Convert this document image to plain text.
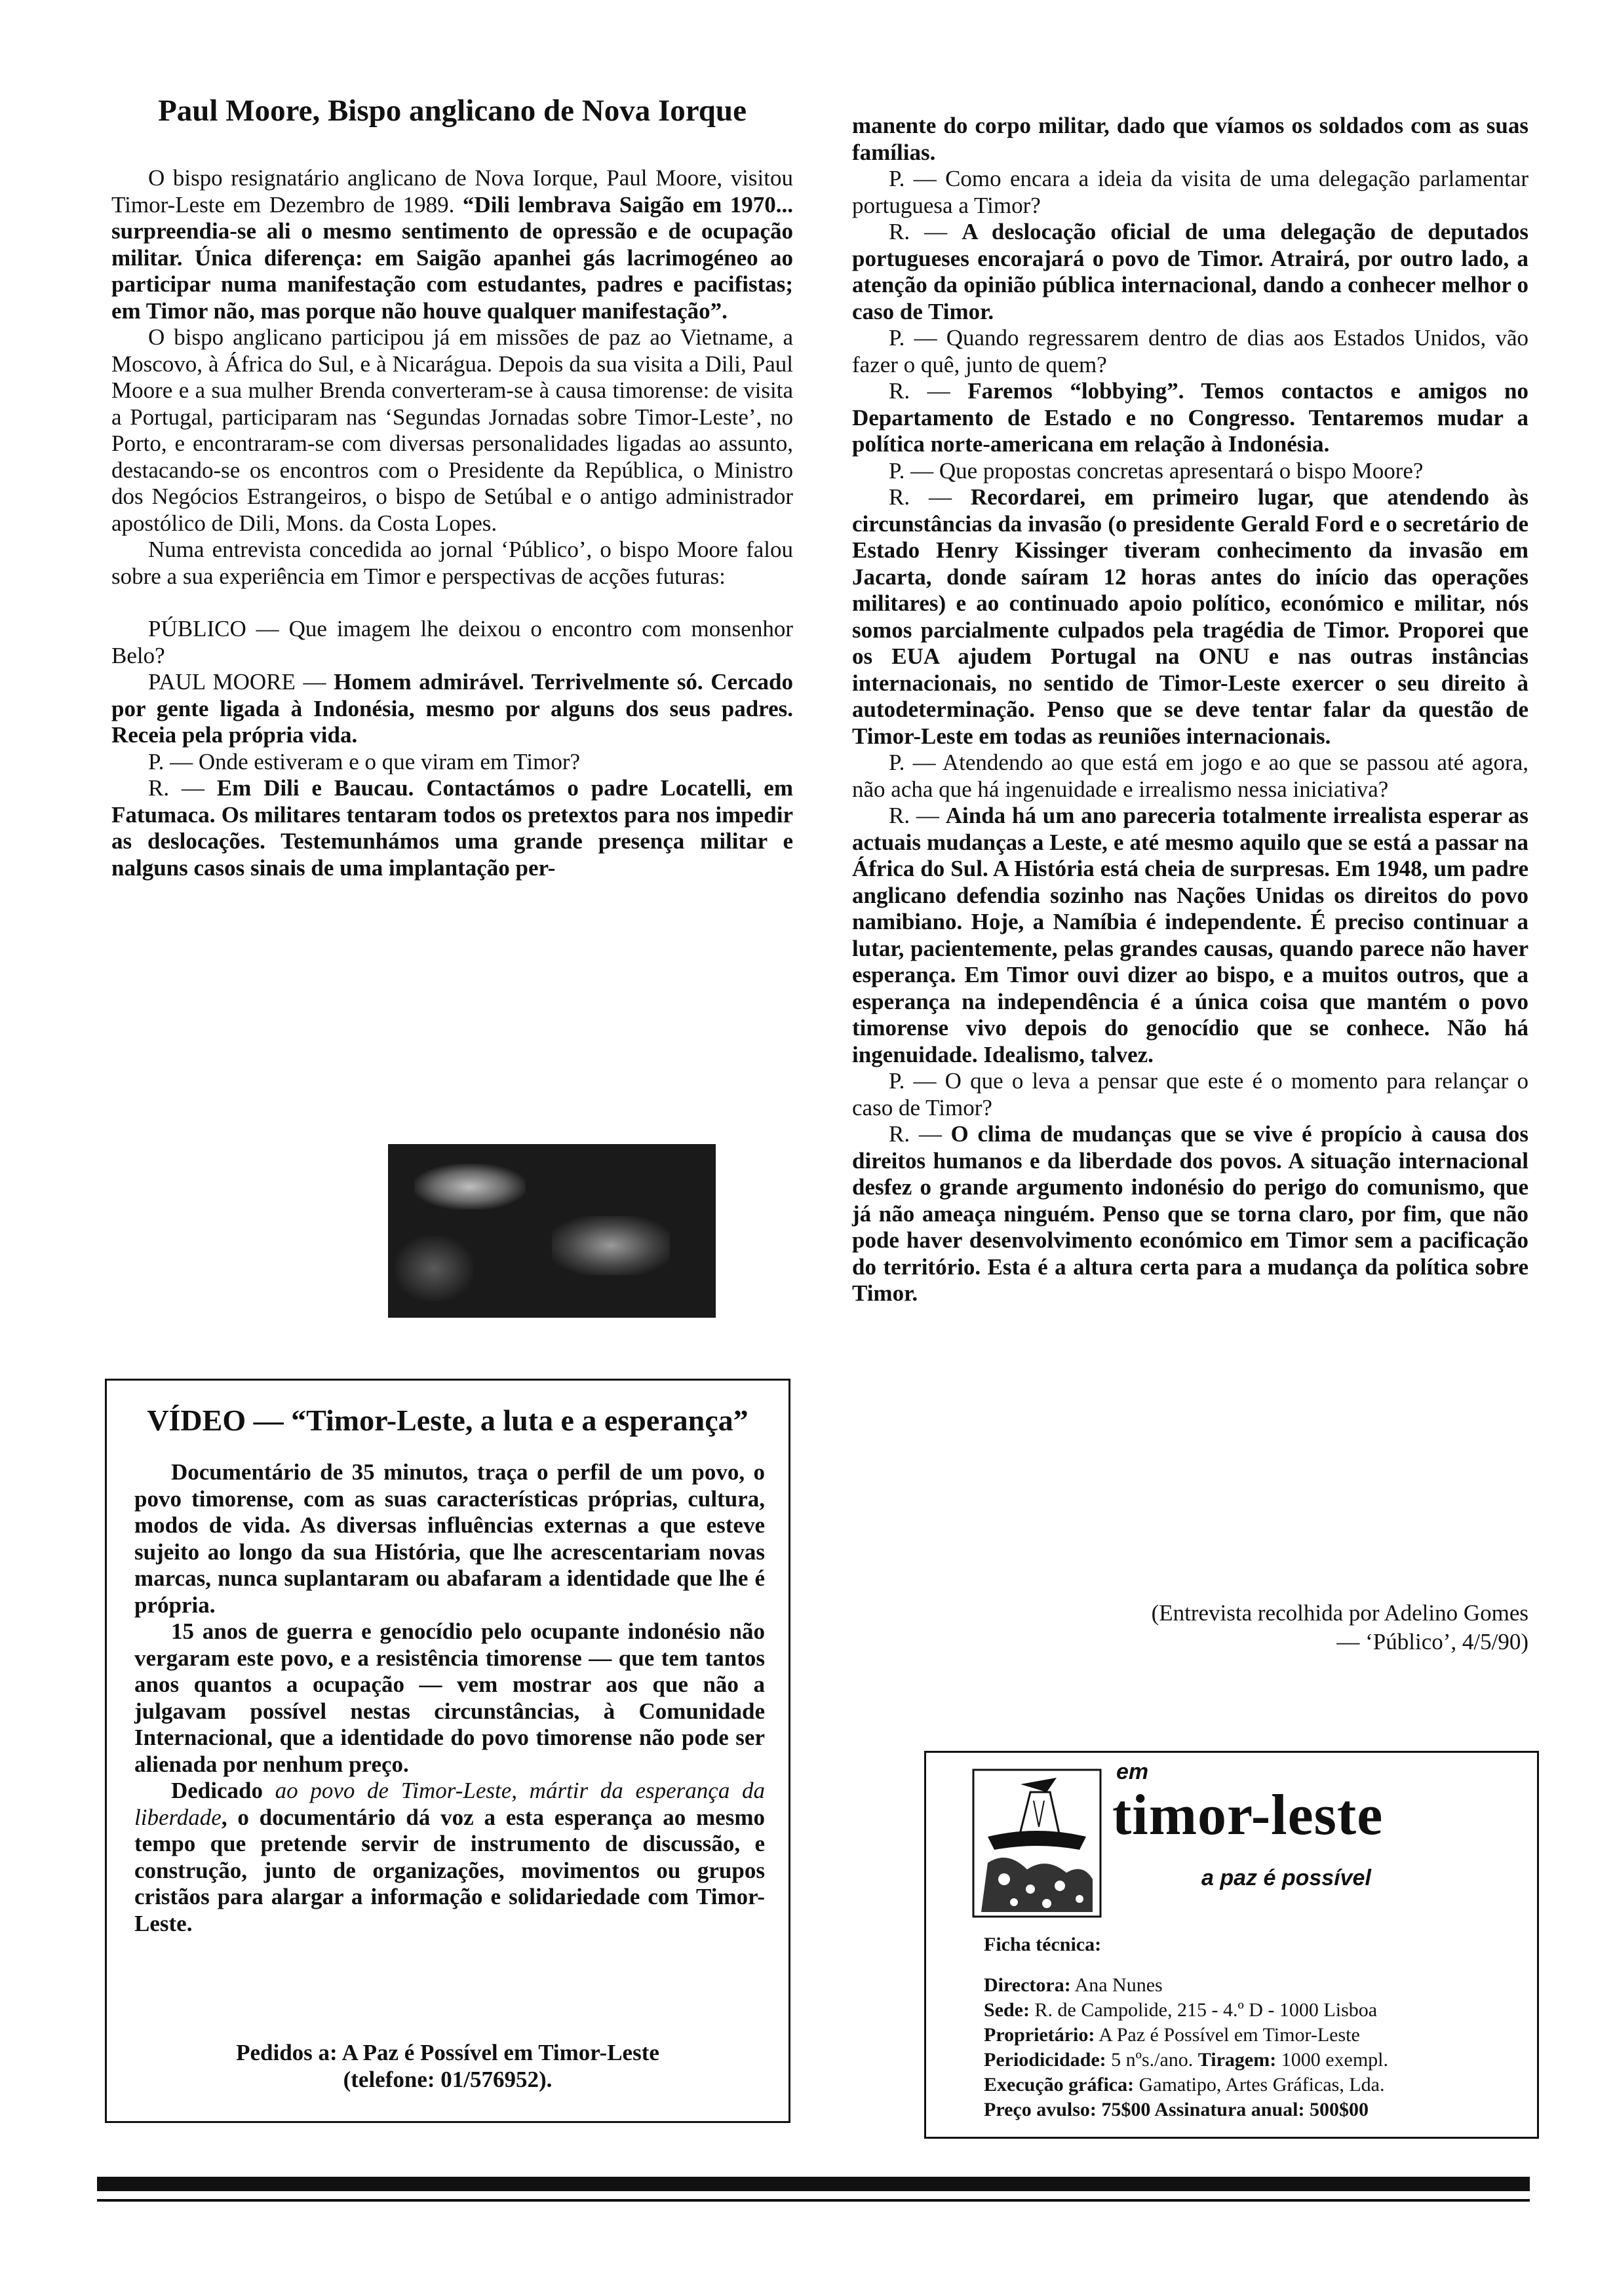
Paul Moore, Bispo anglicano de Nova Iorque

O bispo resignatário anglicano de Nova Iorque, Paul Moore, visitou Timor-Leste em Dezembro de 1989. “Dili lembrava Saigão em 1970... surpreendia-se ali o mesmo sentimento de opressão e de ocupação militar. Única diferença: em Saigão apanhei gás lacrimogéneo ao participar numa manifestação com estudantes, padres e pacifistas; em Timor não, mas porque não houve qualquer manifestação”.

O bispo anglicano participou já em missões de paz ao Vietname, a Moscovo, à África do Sul, e à Nicarágua. Depois da sua visita a Dili, Paul Moore e a sua mulher Brenda converteram-se à causa timorense: de visita a Portugal, participaram nas ‘Segundas Jornadas sobre Timor-Leste’, no Porto, e encontraram-se com diversas personalidades ligadas ao assunto, destacando-se os encontros com o Presidente da República, o Ministro dos Negócios Estrangeiros, o bispo de Setúbal e o antigo administrador apostólico de Dili, Mons. da Costa Lopes.

Numa entrevista concedida ao jornal ‘Público’, o bispo Moore falou sobre a sua experiência em Timor e perspectivas de acções futuras:

PÚBLICO — Que imagem lhe deixou o encontro com monsenhor Belo?

PAUL MOORE — Homem admirável. Terrivelmente só. Cercado por gente ligada à Indonésia, mesmo por alguns dos seus padres. Receia pela própria vida.

P. — Onde estiveram e o que viram em Timor?

R. — Em Dili e Baucau. Contactámos o padre Locatelli, em Fatumaca. Os militares tentaram todos os pretextos para nos impedir as deslocações. Testemunhámos uma grande presença militar e nalguns casos sinais de uma implantação per-

VÍDEO — “Timor-Leste, a luta e a esperança”

Documentário de 35 minutos, traça o perfil de um povo, o povo timorense, com as suas características próprias, cultura, modos de vida. As diversas influências externas a que esteve sujeito ao longo da sua História, que lhe acrescentariam novas marcas, nunca suplantaram ou abafaram a identidade que lhe é própria.

15 anos de guerra e genocídio pelo ocupante indonésio não vergaram este povo, e a resistência timorense — que tem tantos anos quantos a ocupação — vem mostrar aos que não a julgavam possível nestas circunstâncias, à Comunidade Internacional, que a identidade do povo timorense não pode ser alienada por nenhum preço.

Dedicado ao povo de Timor-Leste, mártir da esperança da liberdade, o documentário dá voz a esta esperança ao mesmo tempo que pretende servir de instrumento de discussão, e construção, junto de organizações, movimentos ou grupos cristãos para alargar a informação e solidariedade com Timor-Leste.

Pedidos a: A Paz é Possível em Timor-Leste
(telefone: 01/576952).

manente do corpo militar, dado que víamos os soldados com as suas famílias.

P. — Como encara a ideia da visita de uma delegação parlamentar portuguesa a Timor?

R. — A deslocação oficial de uma delegação de deputados portugueses encorajará o povo de Timor. Atrairá, por outro lado, a atenção da opinião pública internacional, dando a conhecer melhor o caso de Timor.

P. — Quando regressarem dentro de dias aos Estados Unidos, vão fazer o quê, junto de quem?

R. — Faremos “lobbying”. Temos contactos e amigos no Departamento de Estado e no Congresso. Tentaremos mudar a política norte-americana em relação à Indonésia.

P. — Que propostas concretas apresentará o bispo Moore?

R. — Recordarei, em primeiro lugar, que atendendo às circunstâncias da invasão (o presidente Gerald Ford e o secretário de Estado Henry Kissinger tiveram conhecimento da invasão em Jacarta, donde saíram 12 horas antes do início das operações militares) e ao continuado apoio político, económico e militar, nós somos parcialmente culpados pela tragédia de Timor. Proporei que os EUA ajudem Portugal na ONU e nas outras instâncias internacionais, no sentido de Timor-Leste exercer o seu direito à autodeterminação. Penso que se deve tentar falar da questão de Timor-Leste em todas as reuniões internacionais.

P. — Atendendo ao que está em jogo e ao que se passou até agora, não acha que há ingenuidade e irrealismo nessa iniciativa?

R. — Ainda há um ano pareceria totalmente irrealista esperar as actuais mudanças a Leste, e até mesmo aquilo que se está a passar na África do Sul. A História está cheia de surpresas. Em 1948, um padre anglicano defendia sozinho nas Nações Unidas os direitos do povo namibiano. Hoje, a Namíbia é independente. É preciso continuar a lutar, pacientemente, pelas grandes causas, quando parece não haver esperança. Em Timor ouvi dizer ao bispo, e a muitos outros, que a esperança na independência é a única coisa que mantém o povo timorense vivo depois do genocídio que se conhece. Não há ingenuidade. Idealismo, talvez.

P. — O que o leva a pensar que este é o momento para relançar o caso de Timor?

R. — O clima de mudanças que se vive é propício à causa dos direitos humanos e da liberdade dos povos. A situação internacional desfez o grande argumento indonésio do perigo do comunismo, que já não ameaça ninguém. Penso que se torna claro, por fim, que não pode haver desenvolvimento económico em Timor sem a pacificação do território. Esta é a altura certa para a mudança da política sobre Timor.

(Entrevista recolhida por Adelino Gomes
— ‘Público’, 4/5/90)
em
timor-leste
a paz é possível
Ficha técnica:
Directora: Ana Nunes
Sede: R. de Campolide, 215 - 4.º D - 1000 Lisboa
Proprietário: A Paz é Possível em Timor-Leste
Periodicidade: 5 nºs./ano. Tiragem: 1000 exempl.
Execução gráfica: Gamatipo, Artes Gráficas, Lda.
Preço avulso: 75$00 Assinatura anual: 500$00
